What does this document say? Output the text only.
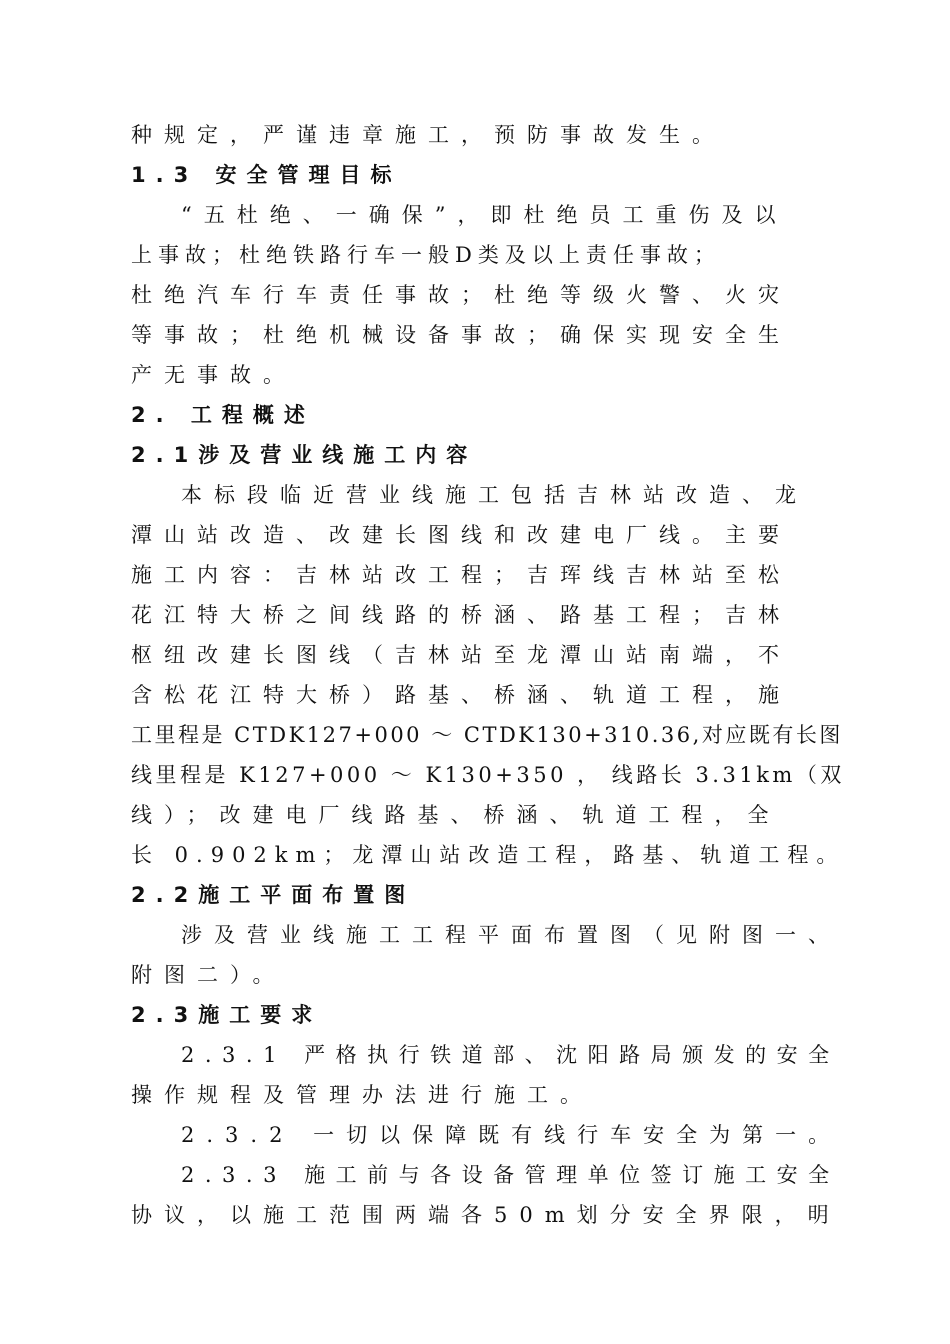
种规定，严谨违章施工，预防事故发生。
1.3 安全管理目标
“五杜绝、一确保”，即杜绝员工重伤及以
上事故；杜绝铁路行车一般D类及以上责任事故；
杜绝汽车行车责任事故；杜绝等级火警、火灾
等事故；杜绝机械设备事故；确保实现安全生
产无事故。
2. 工程概述
2.1涉及营业线施工内容
本标段临近营业线施工包括吉林站改造、龙
潭山站改造、改建长图线和改建电厂线。主要
施工内容：吉林站改工程；吉珲线吉林站至松
花江特大桥之间线路的桥涵、路基工程；吉林
枢纽改建长图线（吉林站至龙潭山站南端，不
含松花江特大桥）路基、桥涵、轨道工程，施
工里程是 CTDK127+000 ～ CTDK130+310.36,对应既有长图
线里程是 K127+000 ～ K130+350 ， 线路长 3.31km（双
线）；改建电厂线路基、桥涵、轨道工程，全
长 0.902km；龙潭山站改造工程，路基、轨道工程。
2.2施工平面布置图
涉及营业线施工工程平面布置图（见附图一、
附图二）。
2.3施工要求
2.3.1 严格执行铁道部、沈阳路局颁发的安全
操作规程及管理办法进行施工。
2.3.2 一切以保障既有线行车安全为第一。
2.3.3 施工前与各设备管理单位签订施工安全
协议，以施工范围两端各50m划分安全界限，明
